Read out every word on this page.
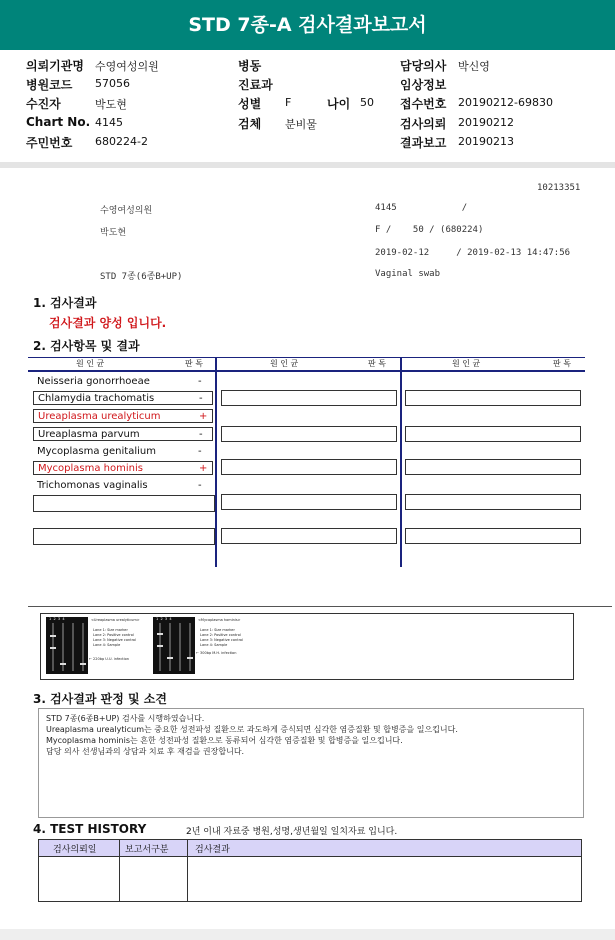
STD 7종-A 검사결과보고서
의뢰기관명 수영여성의원
병원코드 57056
수진자	박도현
Chart No. 4145
주민번호 680224-2
병동
진료과
성별 F	나이 50
검체 분비물
담당의사 박신영
임상정보
접수번호 20190212-69830
검사의뢰 20190212
결과보고 20190213
10213351
수영여성의원	4145            /
박도현	F /    50 / (680224)
2019-02-12     / 2019-02-13 14:47:56
STD 7종(6종B+UP)	Vaginal swab
1. 검사결과
검사결과 양성 입니다.
2. 검사항목 및 결과
원 인 균	판 독	원 인 균	판 독	원 인 균	판 독
Neisseria gonorrhoeae	-
Chlamydia trachomatis	-
Ureaplasma urealyticum	+
Ureaplasma parvum	-
Mycoplasma genitalium	-
Mycoplasma hominis	+
Trichomonas vaginalis	-
1  2  3  4	<Ureaplasma urealyticum>
Lane 1: Size marker
Lane 2: Positive control
Lane 3: Negative control
Lane 4: Sample
← 220bp U.U. infection
1  2  3  4	<Mycoplasma hominis>
Lane 1: Size marker
Lane 2: Positive control
Lane 3: Negative control
Lane 4: Sample
← 300bp M.H. infection
3. 검사결과 판정 및 소견
STD 7종(6종B+UP) 검사를 시행하였습니다.
Ureaplasma urealyticum는 중요한 성전파성 질환으로 과도하게 증식되면 심각한 염증질환 및 합병증을 일으킵니다.
Mycoplasma hominis는 흔한 성전파성 질환으로 동류되어 심각한 염증질환 및 합병증을 일으킵니다.
담당 의사 선생님과의 상담과 치료 후 재검을 권장합니다.
4. TEST HISTORY	2년 이내 자료중 병원,성명,생년월일 일치자료 입니다.
검사의뢰일	보고서구분	검사결과
